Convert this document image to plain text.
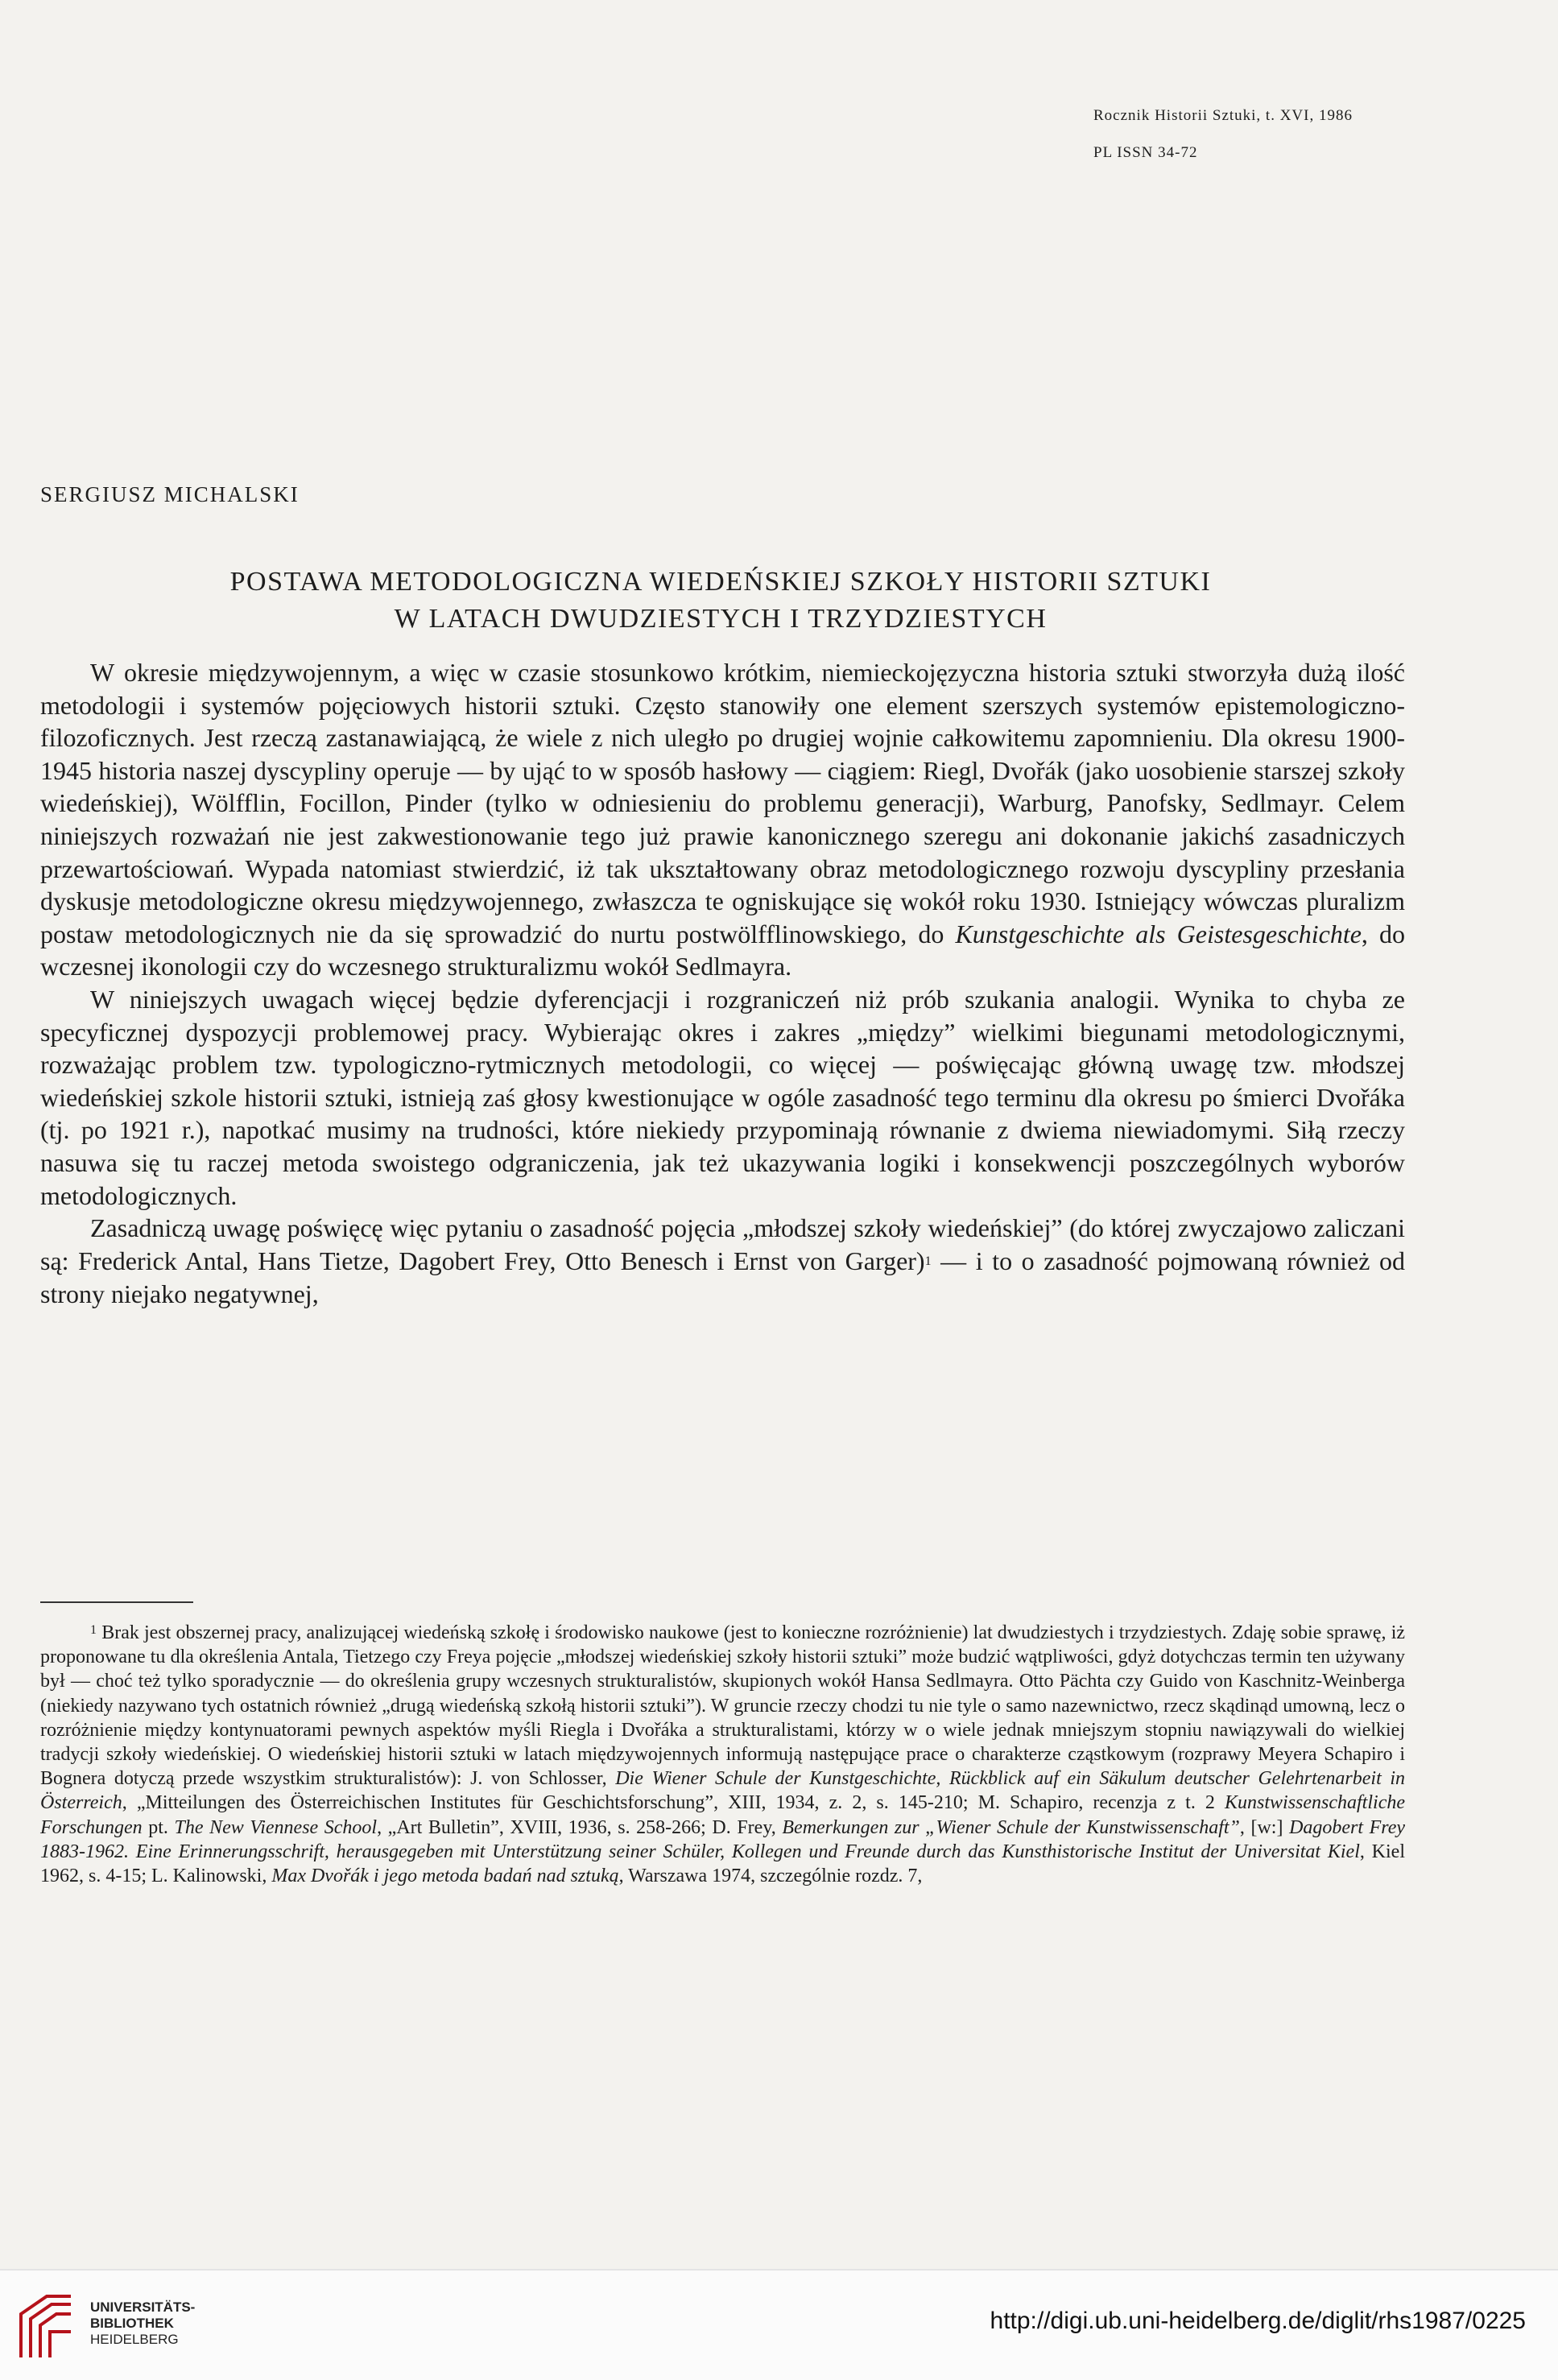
Rocznik Historii Sztuki, t. XVI, 1986
PL ISSN 34-72
SERGIUSZ MICHALSKI
POSTAWA METODOLOGICZNA WIEDEŃSKIEJ SZKOŁY HISTORII SZTUKI
W LATACH DWUDZIESTYCH I TRZYDZIESTYCH

W okresie międzywojennym, a więc w czasie stosunkowo krótkim, niemieckojęzyczna historia sztuki stworzyła dużą ilość metodologii i systemów pojęciowych historii sztuki. Często stanowiły one element szerszych systemów epistemologiczno-filozoficznych. Jest rzeczą zastanawiającą, że wiele z nich uległo po drugiej wojnie całkowitemu zapomnieniu. Dla okresu 1900-1945 historia naszej dyscypliny operuje — by ująć to w sposób hasłowy — ciągiem: Riegl, Dvořák (jako uosobienie starszej szkoły wiedeńskiej), Wölfflin, Focillon, Pinder (tylko w odniesieniu do problemu generacji), Warburg, Panofsky, Sedlmayr. Celem niniejszych rozważań nie jest zakwestionowanie tego już prawie kanonicznego szeregu ani dokonanie jakichś zasadniczych przewartościowań. Wypada natomiast stwierdzić, iż tak ukształtowany obraz metodologicznego rozwoju dyscypliny przesłania dyskusje metodologiczne okresu międzywojennego, zwłaszcza te ogniskujące się wokół roku 1930. Istniejący wówczas pluralizm postaw metodologicznych nie da się sprowadzić do nurtu postwölfflinowskiego, do Kunstgeschichte als Geistesgeschichte, do wczesnej ikonologii czy do wczesnego strukturalizmu wokół Sedlmayra.

W niniejszych uwagach więcej będzie dyferencjacji i rozgraniczeń niż prób szukania analogii. Wynika to chyba ze specyficznej dyspozycji problemowej pracy. Wybierając okres i zakres „między” wielkimi biegunami metodologicznymi, rozważając problem tzw. typologiczno-rytmicznych metodologii, co więcej — poświęcając główną uwagę tzw. młodszej wiedeńskiej szkole historii sztuki, istnieją zaś głosy kwestionujące w ogóle zasadność tego terminu dla okresu po śmierci Dvořáka (tj. po 1921 r.), napotkać musimy na trudności, które niekiedy przypominają równanie z dwiema niewiadomymi. Siłą rzeczy nasuwa się tu raczej metoda swoistego odgraniczenia, jak też ukazywania logiki i konsekwencji poszczególnych wyborów metodologicznych.

Zasadniczą uwagę poświęcę więc pytaniu o zasadność pojęcia „młodszej szkoły wiedeńskiej” (do której zwyczajowo zaliczani są: Frederick Antal, Hans Tietze, Dagobert Frey, Otto Benesch i Ernst von Garger)1 — i to o zasadność pojmowaną również od strony niejako negatywnej,

$^1$ Brak jest obszernej pracy, analizującej wiedeńską szkołę i środowisko naukowe (jest to konieczne rozróżnienie) lat dwudziestych i trzydziestych. Zdaję sobie sprawę, iż proponowane tu dla określenia Antala, Tietzego czy Freya pojęcie „młodszej wiedeńskiej szkoły historii sztuki” może budzić wątpliwości, gdyż dotychczas termin ten używany był — choć też tylko sporadycznie — do określenia grupy wczesnych strukturalistów, skupionych wokół Hansa Sedlmayra. Otto Pächta czy Guido von Kaschnitz-Weinberga (niekiedy nazywano tych ostatnich również „drugą wiedeńską szkołą historii sztuki”). W gruncie rzeczy chodzi tu nie tyle o samo nazewnictwo, rzecz skądinąd umowną, lecz o rozróżnienie między kontynuatorami pewnych aspektów myśli Riegla i Dvořáka a strukturalistami, którzy w o wiele jednak mniejszym stopniu nawiązywali do wielkiej tradycji szkoły wiedeńskiej. O wiedeńskiej historii sztuki w latach międzywojennych informują następujące prace o charakterze cząstkowym (rozprawy Meyera Schapiro i Bognera dotyczą przede wszystkim strukturalistów): J. von Schlosser, Die Wiener Schule der Kunstgeschichte, Rückblick auf ein Säkulum deutscher Gelehrtenarbeit in Österreich, „Mitteilungen des Österreichischen Institutes für Geschichtsforschung”, XIII, 1934, z. 2, s. 145-210; M. Schapiro, recenzja z t. 2 Kunstwissenschaftliche Forschungen pt. The New Viennese School, „Art Bulletin”, XVIII, 1936, s. 258-266; D. Frey, Bemerkungen zur „Wiener Schule der Kunstwissenschaft”, [w:] Dagobert Frey 1883-1962. Eine Erinnerungsschrift, herausgegeben mit Unterstützung seiner Schüler, Kollegen und Freunde durch das Kunsthistorische Institut der Universitat Kiel, Kiel 1962, s. 4-15; L. Kalinowski, Max Dvořák i jego metoda badań nad sztuką, Warszawa 1974, szczególnie rozdz. 7,

UNIVERSITÄTS-
BIBLIOTHEK
HEIDELBERG
http://digi.ub.uni-heidelberg.de/diglit/rhs1987/0225
